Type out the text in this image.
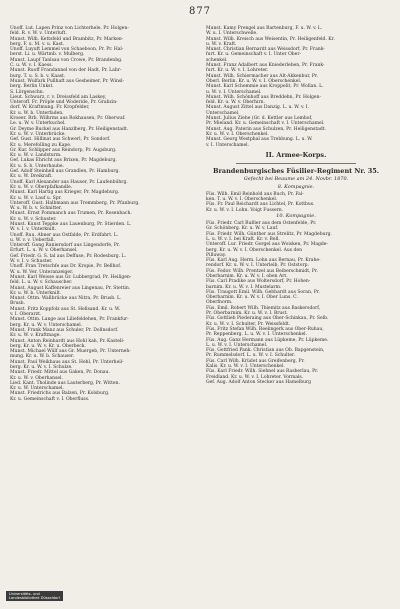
877
Unoff. Lut. Lapen Prinz von Lichterhele, Pr. Holgen-
feld. R. v. W. v. Unterluft.
Munst. Wilh. Kettsfeld und Brambitz, Pr. Marken-
berg. F. u. M. v. u. Kast.
Unoff. Luyuft Lemmel von Schaeboon, Pr. Pr. Hal-
berst. Li. u. Wärtmb. v. Mulberg.
Munst. Laupf Tanlsau von Crowe, Pr. Brandenbg.
C. u. W. v. I. Kaess.
Munst. Ruoff Frandannel von der Hadt, Pr. Lahr-
burg. T. u. S. b. v. Kaast.
Munst. Wulfark Pullhaft aus Gesheimer, Pr. Winsl-
berg. Berlin Unkst.
S. Lörgenschn.
Lieut. Schwarz, r. v. Dreissfeld am Laskey,
Unteroff. Fr. Pröple und Woderide, Pr. Grabzin-
dorf. W. Kraftmung. Fr. Kropfelder,
Kr. u. W. b. Unterfaden.
Kroeer. Rrb. Wilhrms aus Rokhausen, Pr. Oberwaf.
Le. u. W. v. Unterkuchel.
Gr. Deyme Buckel aus Hanzlberg, Pr. Heiligenstadt.
Kr. u. W. v. Unterbrücke.
Gef. Gust. Hillinat aus Schwerl, Pr. Sondorf.
Kr. u. Merefolling zu Kape.
Gr. Kur. Schlipper aus Reindorp, Pr. Augsburg.
Kr. u. W. v. Landsturm.
Gef. Lukas Ehricht aus Brixen, Pr. Magdeburg.
Kr. u. S. b. Unterhaube.
Gef. Adolf Steinhell aus Grandlen, Pr. Hamburg.
Kr. u. W. Dreikraft.
Unoff. Karl Alexander aus Hauser, Pr. Laufenbührg.
Kr. u. W. v. Oberpfafkandle.
Munst. Karl Hartig aus Krieger, Pr. Magdeburg.
Kr. u. W. v. Lauf u. Spr.
Unteroff. Gust. Halbmann aus Tremmberg, Pr. Pfanburg.
W. u. W. b. v. Schnitter.
Munst. Ernst Pommanch aus Trumen, Pr. Rosenbach.
Kr. u. W. v. Schuster.
Munst. Kunst Teppke aus Lauenburg, Pr. Stierden. L.
W. v. I. v. Unterknilt.
Unoff. Ruu. Abner aus Ostfalde, Pr. Erdfahrt. L.
u. W. v. v. Ueberfall.
Unteroff. Gang Raniersdorf aus Lingendorfe, Pr.
Erfurt. L. u. W. v. Oberhansel.
Gef. Friedr. G. S. tal aus Deffuse, Pr. Rodesburg. L.
W. v. I. v. Schuster.
Unoff. Fran Tretschfe aus Dr. Kropie, Pr. Bellhof.
W. u. W. Ver. Unteranzeiger.
Munst. Karl Weisse aus Gr. Lubbergrad, Pr. Heiligen-
feld. L. u. W. v. Schauscher.
Munst. August Kaffenreier aus Lingenau, Pr. Stettin.
Kr. u. W. b. Unterknilt.
Munst. Ottm. Wallbrücke aus Nitra, Pr. Brusb. L.
Brusb.
Munst. Fritz Koppfolz aus St. Hellsand. Kr. u. W.
v. I. Oberarzt.
Munst. Ottm. Lange aus Liliefeldehen, Pr. Frankfur-
berg. Kr. u. W. v. Unterschamel.
Munst. Frank Manz aus Schuler, Pr. Dollnsdorf.
Kr. u. W. v. Kraftmage.
Munst. Anton Reinhardt aus Hohl kah, Pr. Kastell-
berg. Kr. u. W. v. Kr. u. Oberbeck.
Munst. Michael Wülf aus Gr. Muergeb, Pr. Unterneh-
mung. Kr. u. W. b. Schauser.
Munst. Paul Weikhaus aus St. Hehl, Pr. Unterheil-
berg. Kr. u. W. v. I. Schulze.
Munst. Friedr. Mittel aus Gaken, Pr. Donau.
Kr. u. W. v. Oberhansel.
Lied. Kant. Tholinde aus Lauterberg, Pr. Witten.
Kr. u. W. Unterschamel.
Munst. Friedrichs aus Balzen, Pr. Kolsburg.
Kr. u. Gemeinschaft v. I. Oberfluss.
Munst. Kamy Prengel aus Bartenburg, F. u. W. v. L.
W. u. I. Unterschwelle.
Munst. Wilh. Kreisch aus Weisentin, Pr. Heiligenfeld. Kr.
u. W. v. Kraft.
Munst. Christian Bernardt aus Weissdorf, Pr. Frank-
furt. Kr. u. Gemeinschaft v. I. Unter Ober-
schenkel.
Munst. Franz Adalbert aus Kniederleben, Pr. Frank-
furt. Kr. u. W. v. I. Lohreter.
Munst. Wilh. Schiermacher aus Alt-Akkenbur, Pr.
Oberl. Berlin. Kr. u. W. v. I. Oberschenkel.
Munst. Karl Schemmie aus Kroppelit, Pr. Wollan. L.
u. W. v. I. Unterschamel.
Munst. Wilh. Schönhoff aus Breddehn, Pr. Holgen-
feld. Kr. u. W. v. Oberhirn.
Munst. August Zittel aus Danzig. L. u. W. v. I.
Unterschamel.
Munst. Julius Ziehe (Gr. d. Kettler aus Lemhof,
Pr. Mieland. Kr. u. Gemeinschaft v. I. Unterschamel.
Munst. Aug. Paterin aus Schulzen, Pr. Heiligenstadt.
Kr. u. W. v. I. Oberschenkel.
Munst. Georg Westphal aus Trebbung. L. u. W.
v. I. Unterschamel.
II. Armee-Korps.
Brandenburgisches Füsilier-Regiment Nr. 35.
Gefecht bei Beaume am 24. Novbr. 1870.
8. Kompagnie.
Füs. Wilh. Emil Reinhold aus Buch, Pr. Fal-
ken. T. u. W. v. I. Oberschenkel.
Füs. Fr. Paul Reichardt aus Lichtel, Pr. Kottbus.
Kr. u. W. v. I. Lohn. Voigt Fussern.
10. Kompagnie.
Füs. Friedr. Carl Rußler aus dem Ostenfelde, Pr.
Gr. Schönberg. Kr. u. W. v. Lauf.
Füs. Friedr. Wilh. Günther aus Strelitz, Pr. Magdeburg.
L. u. W. v. I. bei Kraft. Kr. v. Bell.
Unteroff. Lur. Friedr. Gorgel aus Woisken, Pr. Magde-
berg. Kr. u. W. v. I. Oberschenkel. Aus den
Pilluway.
Füs. Karl Aug. Herm. Lohn aus Bernau, Pr. Krahe-
rendorf. Kr. u. W. v. I. Unterleib, Pr. Oststorp.
Füs. Fedor. Wilh. Prentzel aus Beiberschmidt, Pr.
Oberbarnim. Kr. u. W. v. I. oben Art.
Füs. Carl Pradike aus Woltersdorf, Pr. Hohen-
barnim. Kr. u. W. v. I. Mustelarm.
Füs. Traugott Emil. Wilh. Gebhardt aus Soran, Pr.
Oberbarnim. Kr. u. W. v. I. Ober Luns. C.
Oberfnorm.
Füs. Emil. Robert Wilh. Thiemitz aus Baskersdorf,
Pr. Oberbarnim. Kr. u. W. v. I. Brust.
Füs. Gottlieb Piederaing aus Ober-Schinkau, Pr. Selb.
Kr. u. W. v. I. Schulter, Pr. Weissfeldt.
Füs. Fritz Stefan Wilh. Reelingerk aus Ober-Ruhau,
Pr. Reppenberg. L. u. W. v. I. Unterschenkel.
Füs. Aug. Ganz Hermann aus Lüpkeme, Pr. Lüpkeme.
L. u. W. v. I. Unterschamel.
Füs. Gottfried Pank. Christian aus Ob. Bapgenstein,
Pr. Rummelsdorf. L. u. W. v. I. Schulter.
Füs. Carl Wilh. Krüdet aus Greifenberg, Pr.
Kalis. Kr. u. W. v. I. Unterschenkel.
Füs. Karl Friedr. Wilh. Siehnel aus Rasberlau, Pr.
Freidland. Kr. u. W. v. I. Lohreter. Vormals.
Gef. Aug. Adolf Anton Stecker aus Hamelburg
Universitäts- und
Landesbibliothek Düsseldorf
